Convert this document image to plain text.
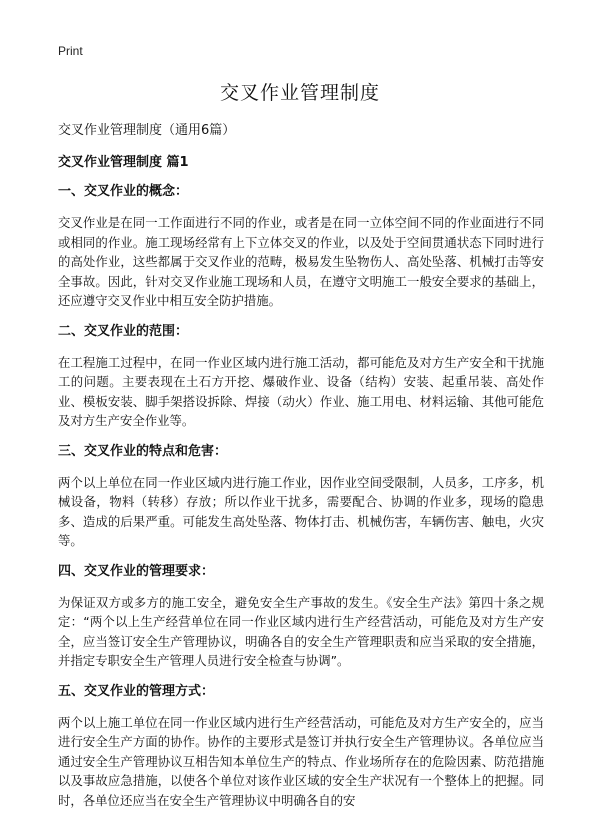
Print
交叉作业管理制度

交叉作业管理制度（通用6篇）

交叉作业管理制度 篇1

一、交叉作业的概念：

交叉作业是在同一工作面进行不同的作业，或者是在同一立体空间不同的作业面进行不同或相同的作业。施工现场经常有上下立体交叉的作业，以及处于空间贯通状态下同时进行的高处作业，这些都属于交叉作业的范畴，极易发生坠物伤人、高处坠落、机械打击等安全事故。因此，针对交叉作业施工现场和人员，在遵守文明施工一般安全要求的基础上，还应遵守交叉作业中相互安全防护措施。

二、交叉作业的范围：

在工程施工过程中，在同一作业区域内进行施工活动，都可能危及对方生产安全和干扰施工的问题。主要表现在土石方开挖、爆破作业、设备（结构）安装、起重吊装、高处作业、模板安装、脚手架搭设拆除、焊接（动火）作业、施工用电、材料运输、其他可能危及对方生产安全作业等。

三、交叉作业的特点和危害：

两个以上单位在同一作业区域内进行施工作业，因作业空间受限制，人员多，工序多，机械设备，物料（转移）存放；所以作业干扰多，需要配合、协调的作业多，现场的隐患多、造成的后果严重。可能发生高处坠落、物体打击、机械伤害，车辆伤害、触电，火灾等。

四、交叉作业的管理要求：

为保证双方或多方的施工安全，避免安全生产事故的发生。《安全生产法》第四十条之规定：“两个以上生产经营单位在同一作业区域内进行生产经营活动，可能危及对方生产安全，应当签订安全生产管理协议，明确各自的安全生产管理职责和应当采取的安全措施，并指定专职安全生产管理人员进行安全检查与协调”。

五、交叉作业的管理方式：

两个以上施工单位在同一作业区域内进行生产经营活动，可能危及对方生产安全的，应当进行安全生产方面的协作。协作的主要形式是签订并执行安全生产管理协议。各单位应当通过安全生产管理协议互相告知本单位生产的特点、作业场所存在的危险因素、防范措施以及事故应急措施，以使各个单位对该作业区域的安全生产状况有一个整体上的把握。同时，各单位还应当在安全生产管理协议中明确各自的安
